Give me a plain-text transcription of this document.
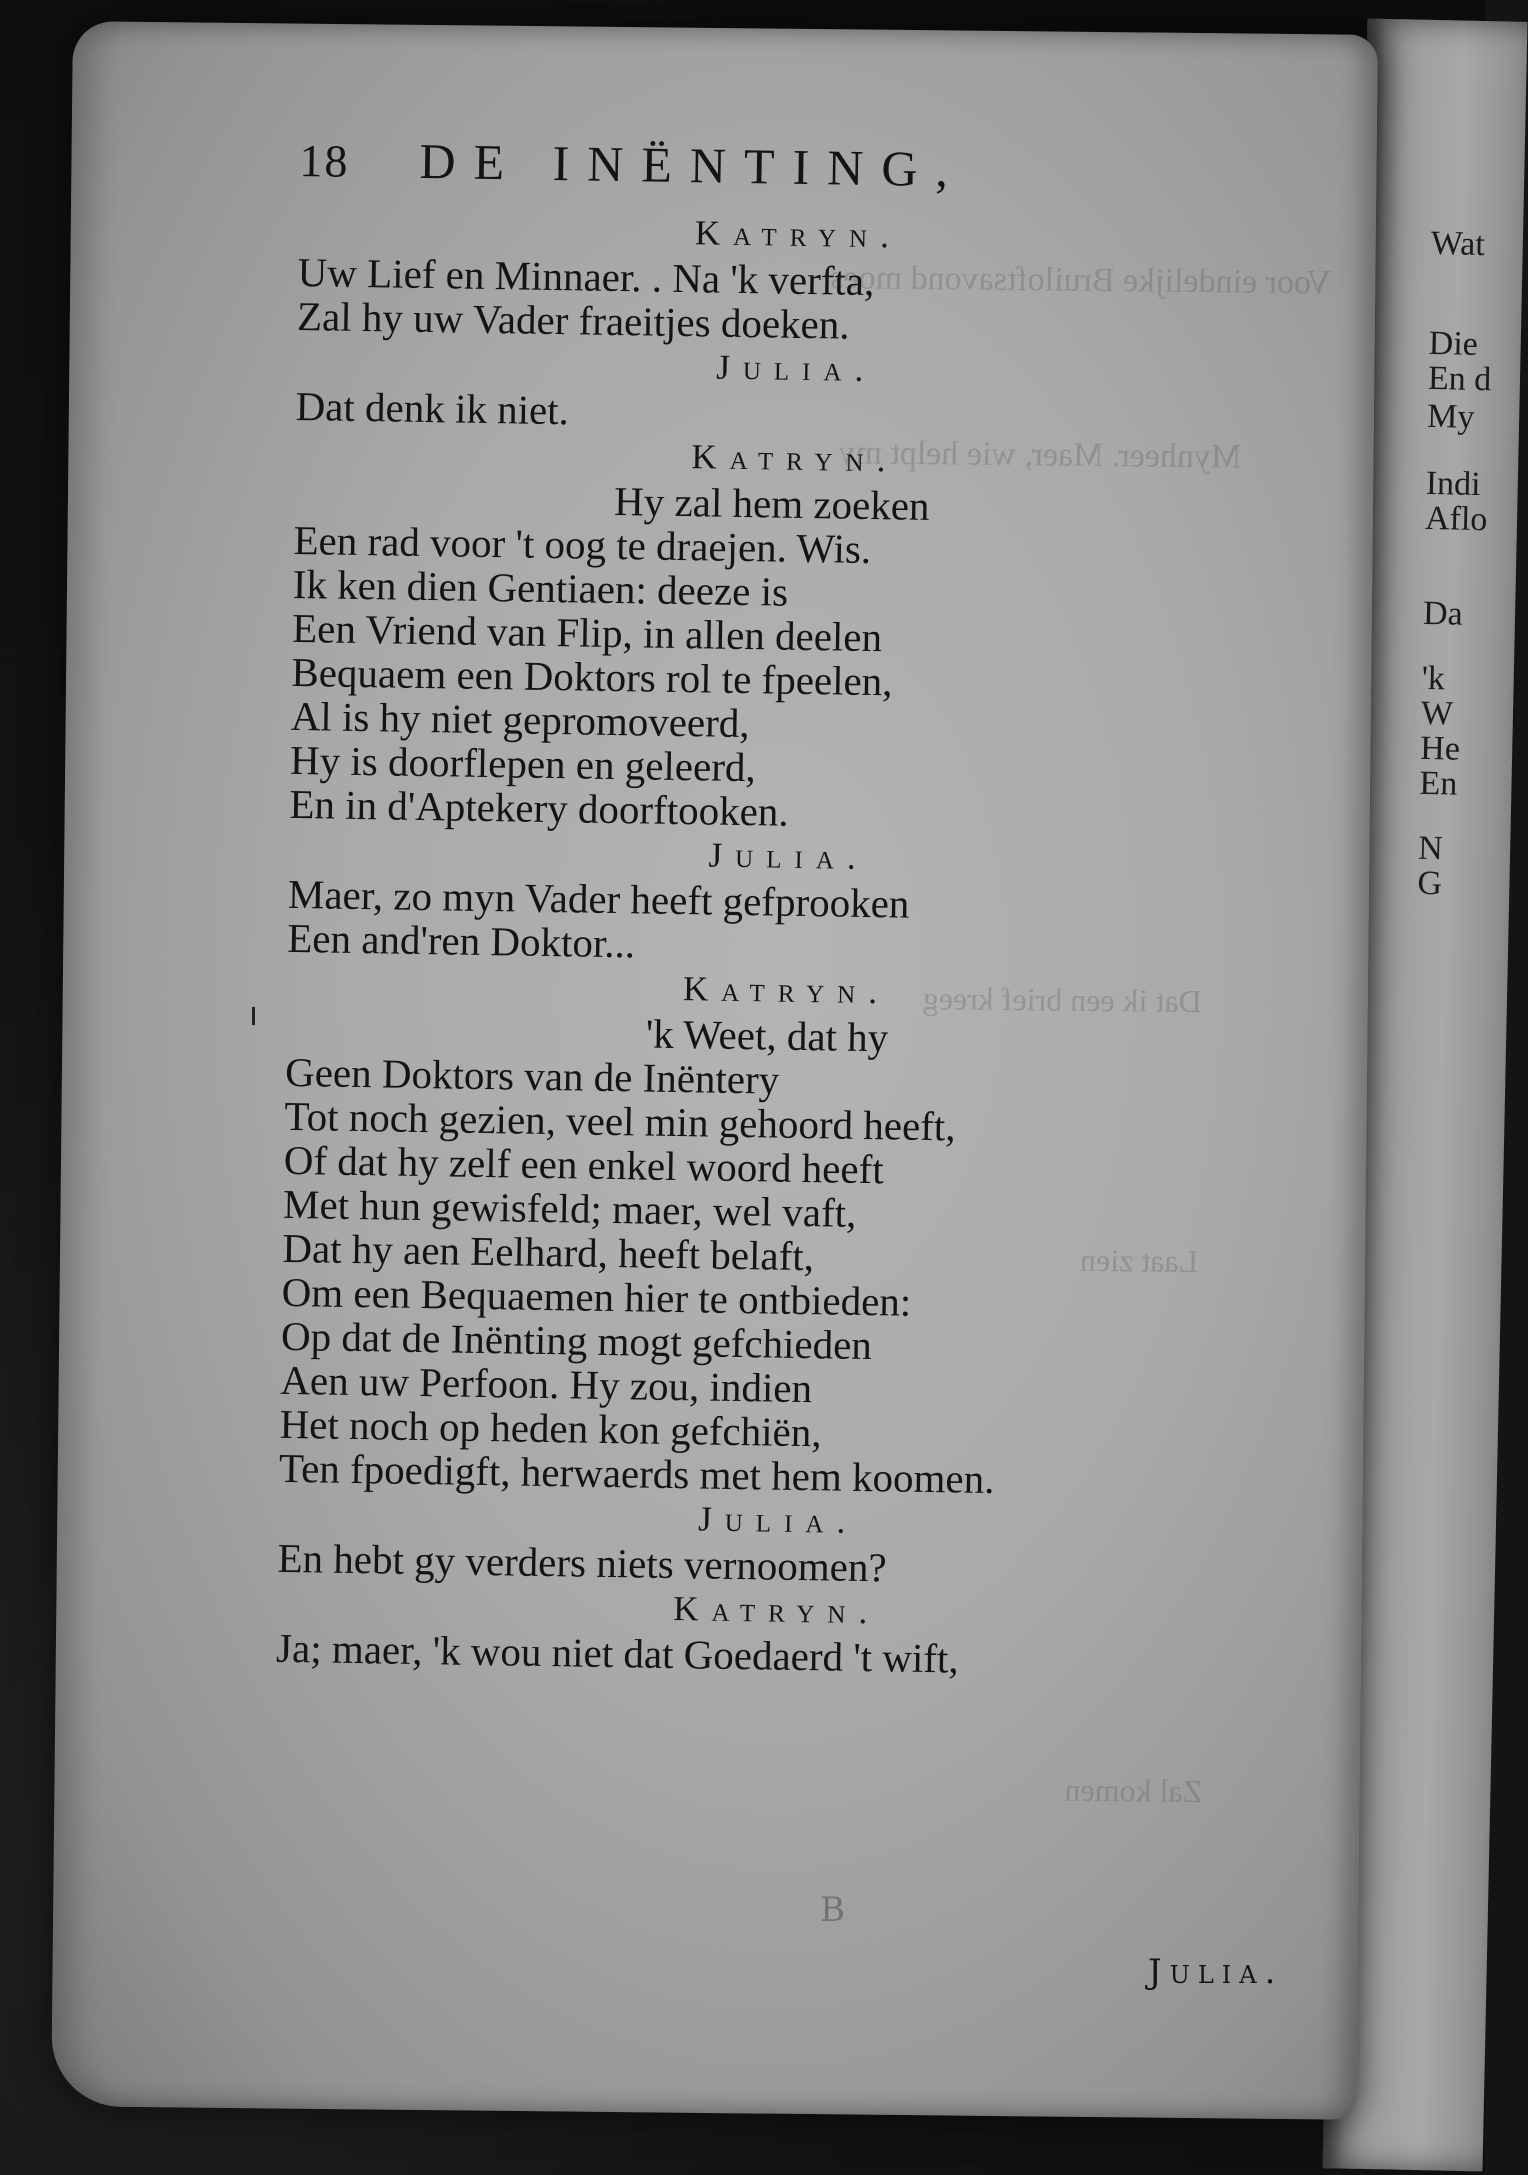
Wat
Die
En d
My
Indi
Aflo
Da
'k
W
He
En
N
G
Voor eindelijke Bruiloftsavond moes
Mynheer. Maer, wie helpt my
Zal komen
Laat zien
Dat ik een brief kreeg
18	DE INËNTING,
Katryn.
Uw Lief en Minnaer. . Na 'k verfta,
Zal hy uw Vader fraeitjes doeken.
Julia.
Dat denk ik niet.
Katryn.
Hy zal hem zoeken
Een rad voor 't oog te draejen. Wis.
Ik ken dien Gentiaen: deeze is
Een Vriend van Flip, in allen deelen
Bequaem een Doktors rol te fpeelen,
Al is hy niet gepromoveerd,
Hy is doorflepen en geleerd,
En in d'Aptekery doorftooken.
Julia.
Maer, zo myn Vader heeft gefprooken
Een and'ren Doktor...
Katryn.
'k Weet, dat hy
Geen Doktors van de Inëntery
Tot noch gezien, veel min gehoord heeft,
Of dat hy zelf een enkel woord heeft
Met hun gewisfeld; maer, wel vaft,
Dat hy aen Eelhard, heeft belaft,
Om een Bequaemen hier te ontbieden:
Op dat de Inënting mogt gefchieden
Aen uw Perfoon. Hy zou, indien
Het noch op heden kon gefchiën,
Ten fpoedigft, herwaerds met hem koomen.
Julia.
En hebt gy verders niets vernoomen?
Katryn.
Ja; maer, 'k wou niet dat Goedaerd 't wift,
B
Julia.
